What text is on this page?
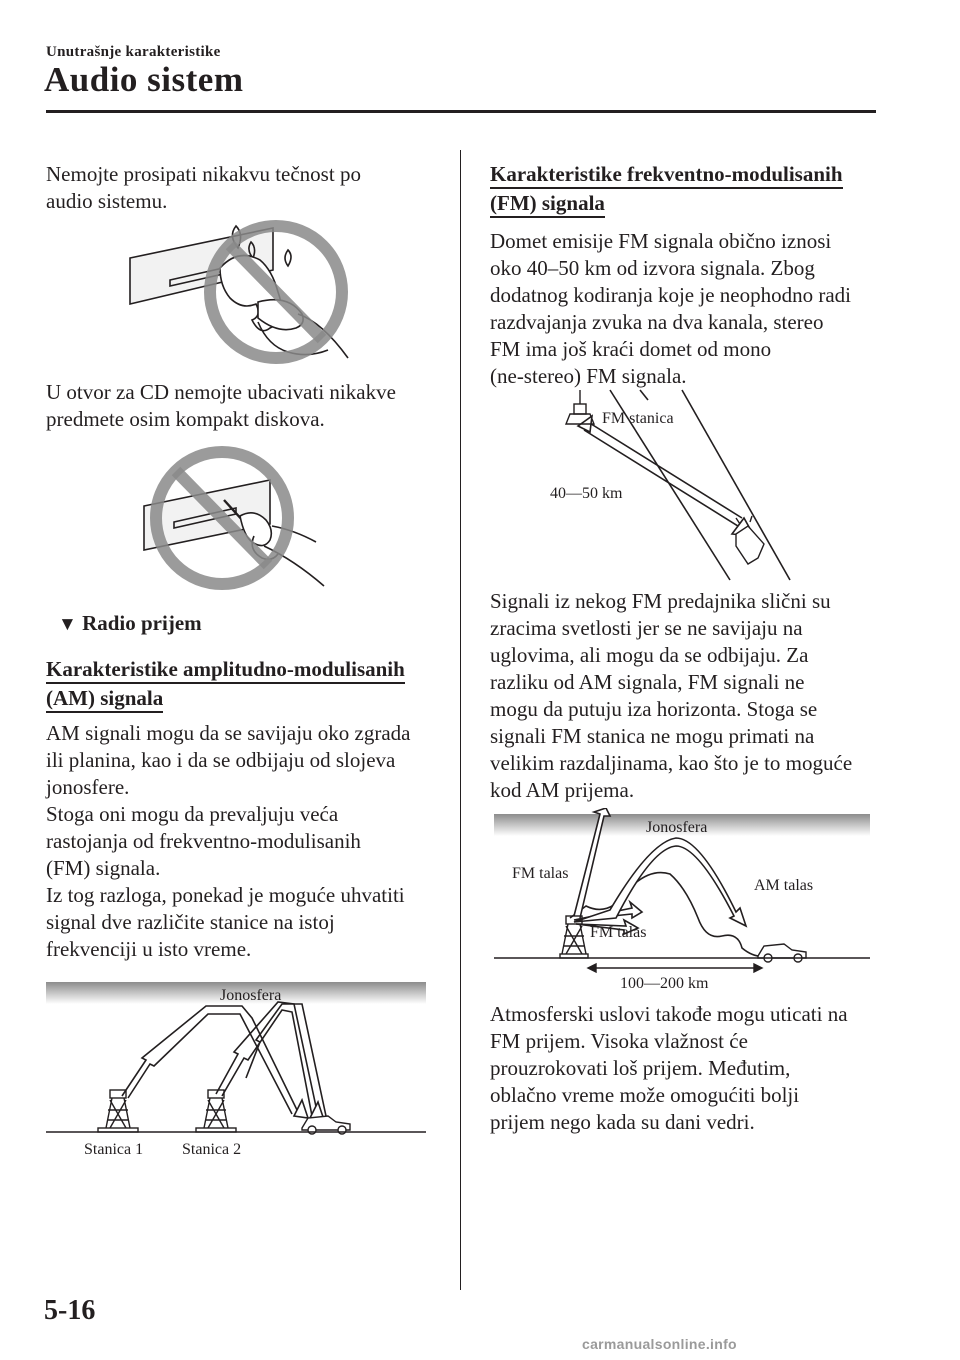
Unutrašnje karakteristike
Audio sistem
Nemojte prosipati nikakvu tečnost po
audio sistemu.
U otvor za CD nemojte ubacivati nikakve
predmete osim kompakt diskova.
▼ Radio prijem
Karakteristike amplitudno-modulisanih
(AM) signala
AM signali mogu da se savijaju oko zgrada
ili planina, kao i da se odbijaju od slojeva
jonosfere.
Stoga oni mogu da prevaljuju veća
rastojanja od frekventno-modulisanih
(FM) signala.
Iz tog razloga, ponekad je moguće uhvatiti
signal dve različite stanice na istoj
frekvenciji u isto vreme.
Jonosfera
Stanica 1 Stanica 2
Karakteristike frekventno-modulisanih
(FM) signala
Domet emisije FM signala obično iznosi
oko 40–50 km od izvora signala. Zbog
dodatnog kodiranja koje je neophodno radi
razdvajanja zvuka na dva kanala, stereo
FM ima još kraći domet od mono
(ne-stereo) FM signala.
FM stanica
40—50 km
Signali iz nekog FM predajnika slični su
zracima svetlosti jer se ne savijaju na
uglovima, ali mogu da se odbijaju. Za
razliku od AM signala, FM signali ne
mogu da putuju iza horizonta. Stoga se
signali FM stanica ne mogu primati na
velikim razdaljinama, kao što je to moguće
kod AM prijema.
Jonosfera
FM talas
FM talas
AM talas
100—200 km
Atmosferski uslovi takođe mogu uticati na
FM prijem. Visoka vlažnost će
prouzrokovati loš prijem. Međutim,
oblačno vreme može omogućiti bolji
prijem nego kada su dani vedri.
5-16
carmanualsonline.info
